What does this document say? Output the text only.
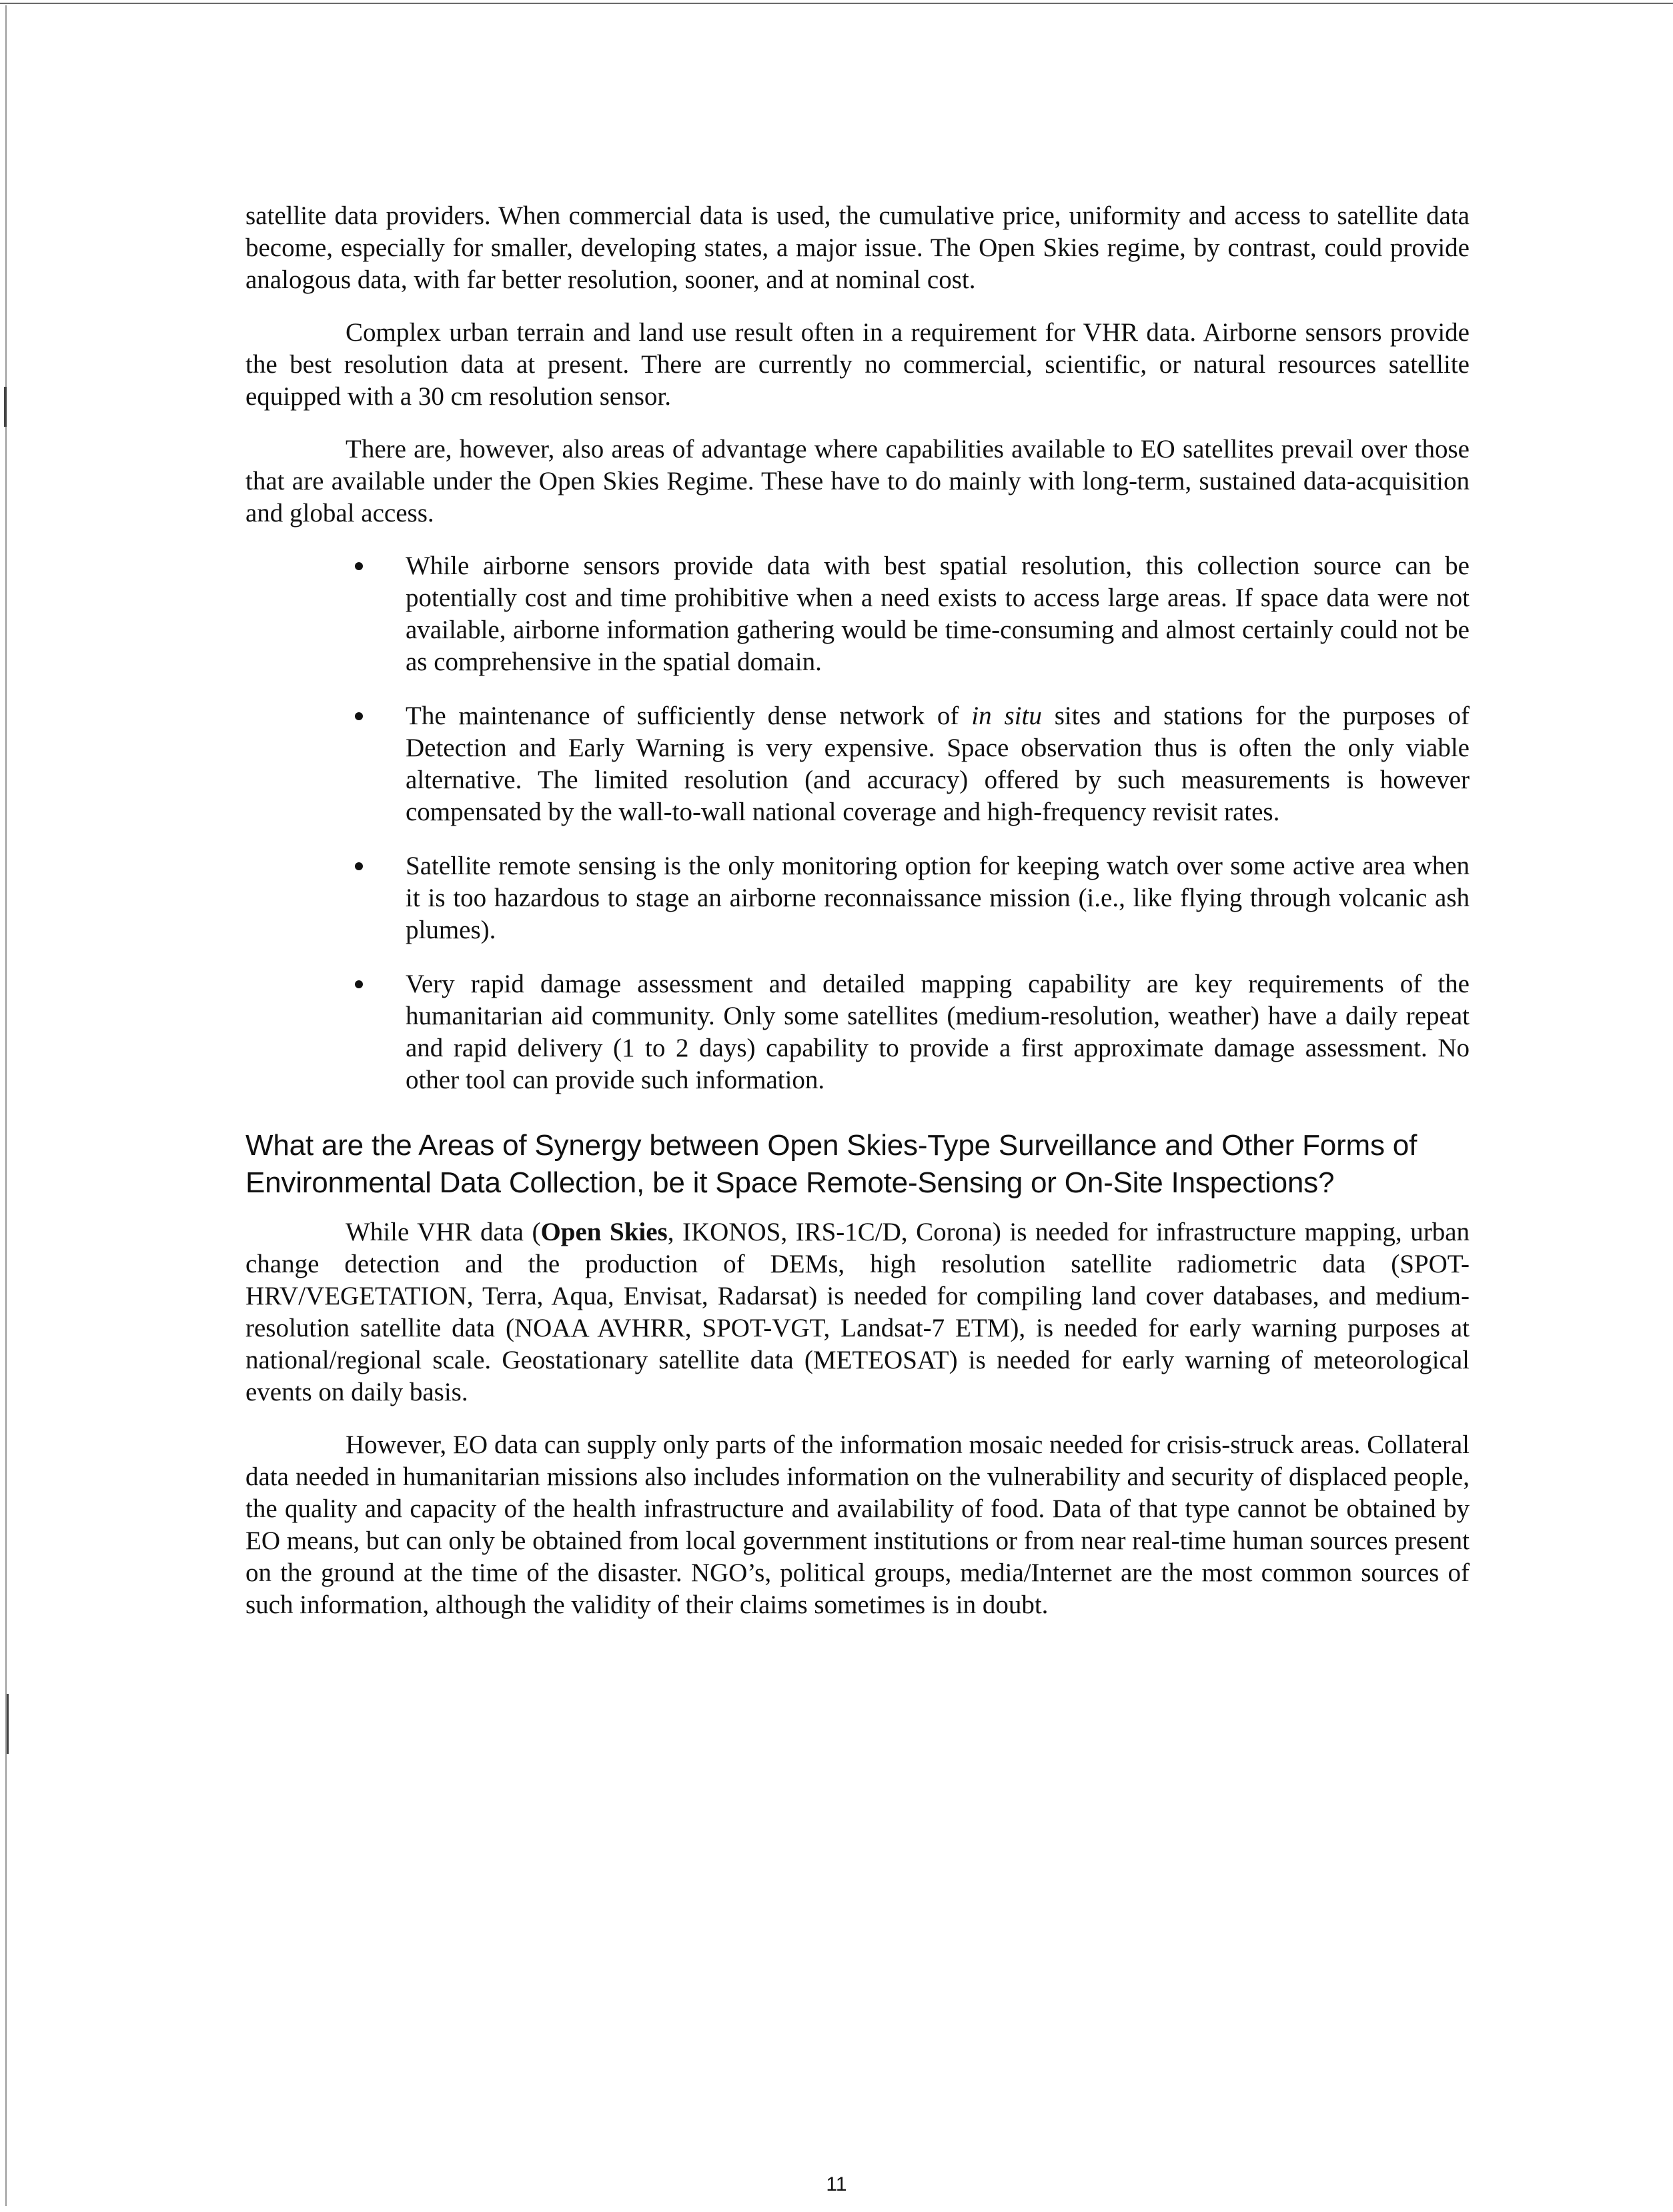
satellite data providers. When commercial data is used, the cumulative price, uniformity and access to satellite data become, especially for smaller, developing states, a major issue. The Open Skies regime, by contrast, could provide analogous data, with far better resolution, sooner, and at nominal cost.

Complex urban terrain and land use result often in a requirement for VHR data. Airborne sensors provide the best resolution data at present. There are currently no commercial, scientific, or natural resources satellite equipped with a 30 cm resolution sensor.

There are, however, also areas of advantage where capabilities available to EO satellites prevail over those that are available under the Open Skies Regime. These have to do mainly with long-term, sustained data-acquisition and global access.

While airborne sensors provide data with best spatial resolution, this collection source can be potentially cost and time prohibitive when a need exists to access large areas. If space data were not available, airborne information gathering would be time-consuming and almost certainly could not be as comprehensive in the spatial domain.
The maintenance of sufficiently dense network of in situ sites and stations for the purposes of Detection and Early Warning is very expensive. Space observation thus is often the only viable alternative. The limited resolution (and accuracy) offered by such measurements is however compensated by the wall-to-wall national coverage and high-frequency revisit rates.
Satellite remote sensing is the only monitoring option for keeping watch over some active area when it is too hazardous to stage an airborne reconnaissance mission (i.e., like flying through volcanic ash plumes).
Very rapid damage assessment and detailed mapping capability are key requirements of the humanitarian aid community. Only some satellites (medium-resolution, weather) have a daily repeat and rapid delivery (1 to 2 days) capability to provide a first approximate damage assessment. No other tool can provide such information.
What are the Areas of Synergy between Open Skies-Type Surveillance and Other Forms of Environmental Data Collection, be it Space Remote-Sensing or On-Site Inspections?

While VHR data (Open Skies, IKONOS, IRS-1C/D, Corona) is needed for infrastructure mapping, urban change detection and the production of DEMs, high resolution satellite radiometric data (SPOT-HRV/VEGETATION, Terra, Aqua, Envisat, Radarsat) is needed for compiling land cover databases, and medium-resolution satellite data (NOAA AVHRR, SPOT-VGT, Landsat-7 ETM), is needed for early warning purposes at national/regional scale. Geostationary satellite data (METEOSAT) is needed for early warning of meteorological events on daily basis.

However, EO data can supply only parts of the information mosaic needed for crisis-struck areas. Collateral data needed in humanitarian missions also includes information on the vulnerability and security of displaced people, the quality and capacity of the health infrastructure and availability of food. Data of that type cannot be obtained by EO means, but can only be obtained from local government institutions or from near real-time human sources present on the ground at the time of the disaster. NGO’s, political groups, media/Internet are the most common sources of such information, although the validity of their claims sometimes is in doubt.

11
